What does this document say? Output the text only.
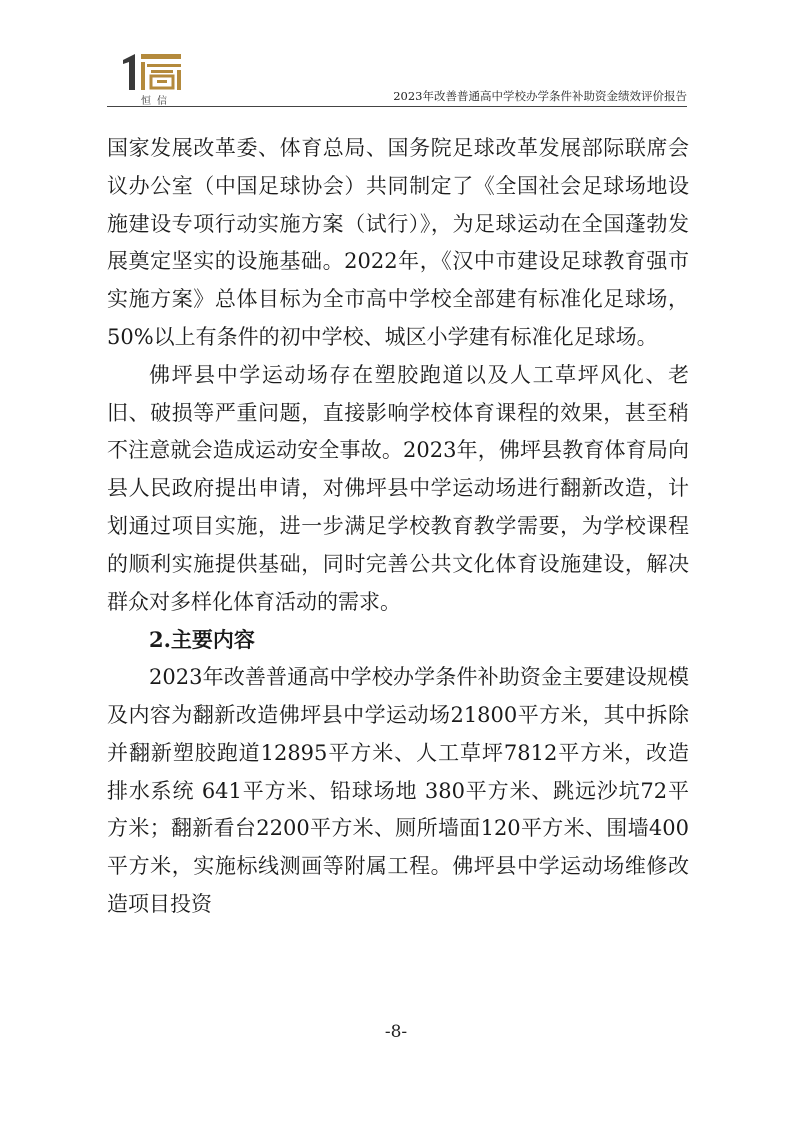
恒信	2023年改善普通高中学校办学条件补助资金绩效评价报告

国家发展改革委、体育总局、国务院足球改革发展部际联席会议办公室（中国足球协会）共同制定了《全国社会足球场地设施建设专项行动实施方案（试行）》，为足球运动在全国蓬勃发展奠定坚实的设施基础。2022年，《汉中市建设足球教育强市实施方案》总体目标为全市高中学校全部建有标准化足球场，50%以上有条件的初中学校、城区小学建有标准化足球场。

佛坪县中学运动场存在塑胶跑道以及人工草坪风化、老旧、破损等严重问题，直接影响学校体育课程的效果，甚至稍不注意就会造成运动安全事故。2023年，佛坪县教育体育局向县人民政府提出申请，对佛坪县中学运动场进行翻新改造，计划通过项目实施，进一步满足学校教育教学需要，为学校课程的顺利实施提供基础，同时完善公共文化体育设施建设，解决群众对多样化体育活动的需求。

2.主要内容

2023年改善普通高中学校办学条件补助资金主要建设规模及内容为翻新改造佛坪县中学运动场21800平方米，其中拆除并翻新塑胶跑道12895平方米、人工草坪7812平方米，改造排水系统 641平方米、铅球场地 380平方米、跳远沙坑72平方米；翻新看台2200平方米、厕所墙面120平方米、围墙400平方米，实施标线测画等附属工程。佛坪县中学运动场维修改造项目投资

-8-
